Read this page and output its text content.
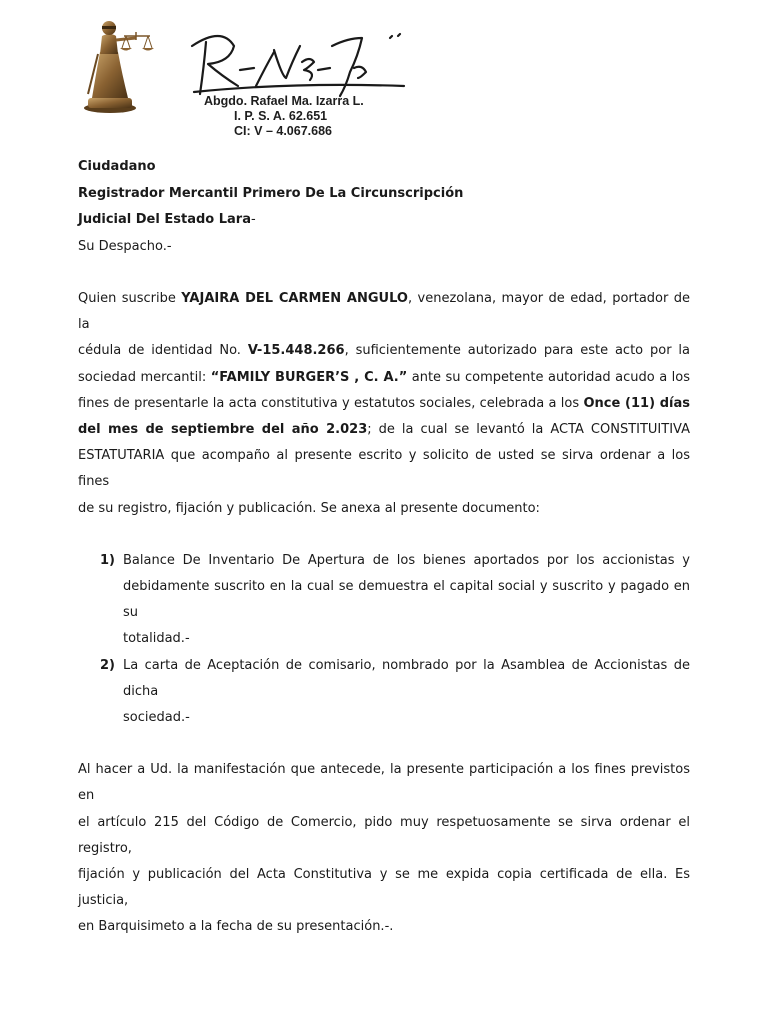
Abgdo. Rafael Ma. Izarra L.
I. P. S. A. 62.651
CI: V – 4.067.686
Ciudadano
Registrador Mercantil Primero De La Circunscripción
Judicial Del Estado Lara-
Su Despacho.-
Quien suscribe YAJAIRA DEL CARMEN ANGULO, venezolana, mayor de edad, portador de la
cédula de identidad No. V-15.448.266, suficientemente autorizado para este acto por la
sociedad mercantil: “FAMILY BURGER’S , C. A.” ante su competente autoridad acudo a los
fines de presentarle la acta constitutiva y estatutos sociales, celebrada a los Once (11) días
del mes de septiembre del año 2.023; de la cual se levantó la ACTA CONSTITUITIVA
ESTATUTARIA que acompaño al presente escrito y solicito de usted se sirva ordenar a los fines
de su registro, fijación y publicación. Se anexa al presente documento:
1) Balance De Inventario De Apertura de los bienes aportados por los accionistas y
debidamente suscrito en la cual se demuestra el capital social y suscrito y pagado en su
totalidad.-
2) La carta de Aceptación de comisario, nombrado por la Asamblea de Accionistas de dicha
sociedad.-
Al hacer a Ud. la manifestación que antecede, la presente participación a los fines previstos en
el artículo 215 del Código de Comercio, pido muy respetuosamente se sirva ordenar el registro,
fijación y publicación del Acta Constitutiva y se me expida copia certificada de ella. Es justicia,
en Barquisimeto a la fecha de su presentación.-.
